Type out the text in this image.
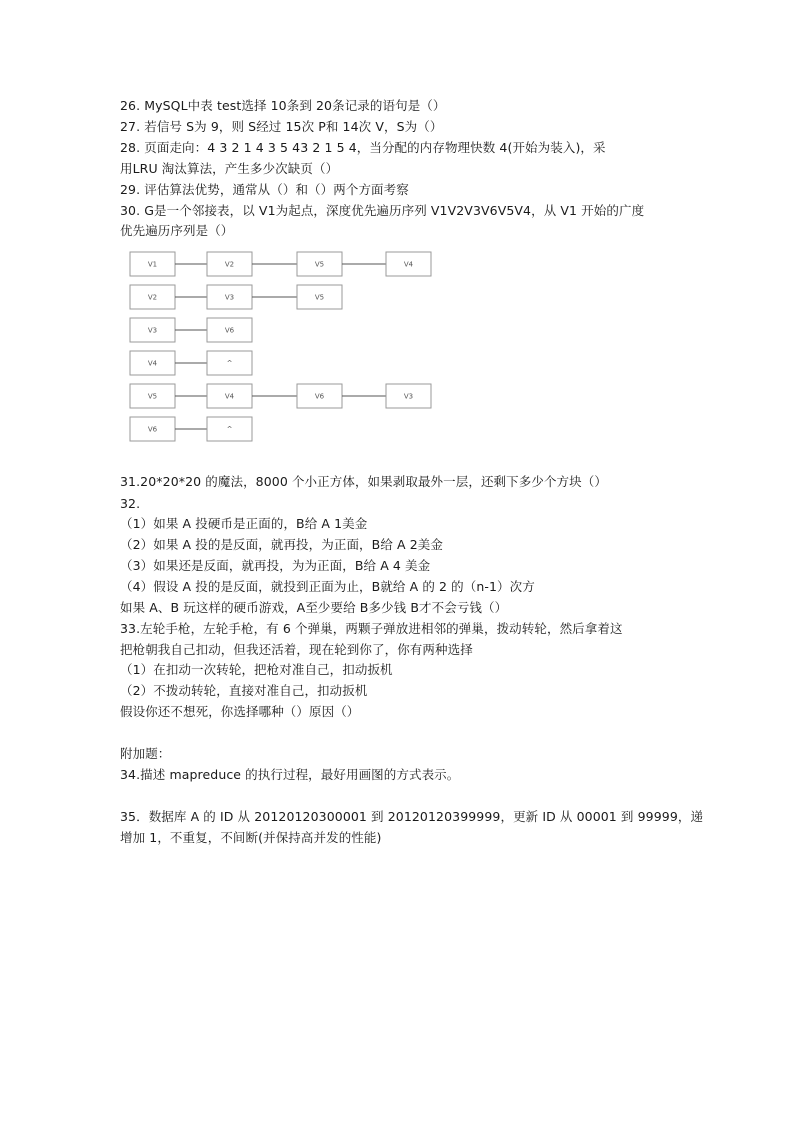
26. MySQL中表 test选择 10条到 20条记录的语句是（）
27. 若信号 S为 9，则 S经过 15次 P和 14次 V，S为（）
28. 页面走向：4 3 2 1 4 3 5 43 2 1 5 4，当分配的内存物理快数 4(开始为装入)，采
用LRU 淘汰算法，产生多少次缺页（）
29. 评估算法优势，通常从（）和（）两个方面考察
30. G是一个邻接表，以 V1为起点，深度优先遍历序列 V1V2V3V6V5V4，从 V1 开始的广度
优先遍历序列是（）
V1	V2	V5	V4
V2	V3	V5
V3	V6
V4	^
V5	V4	V6	V3
V6	^
31.20*20*20 的魔法，8000 个小正方体，如果剥取最外一层，还剩下多少个方块（）
32.
（1）如果 A 投硬币是正面的，B给 A 1美金
（2）如果 A 投的是反面，就再投，为正面，B给 A 2美金
（3）如果还是反面，就再投，为为正面，B给 A 4 美金
（4）假设 A 投的是反面，就投到正面为止，B就给 A 的 2 的（n-1）次方
如果 A、B 玩这样的硬币游戏，A至少要给 B多少钱 B才不会亏钱（）
33.左轮手枪，左轮手枪，有 6 个弹巢，两颗子弹放进相邻的弹巢，拨动转轮，然后拿着这
把枪朝我自己扣动，但我还活着，现在轮到你了，你有两种选择
（1）在扣动一次转轮，把枪对准自己，扣动扳机
（2）不拨动转轮，直接对准自己，扣动扳机
假设你还不想死，你选择哪种（）原因（）
附加题：
34.描述 mapreduce 的执行过程，最好用画图的方式表示。
35．数据库 A 的 ID 从 20120120300001 到 20120120399999，更新 ID 从 00001 到 99999，递
增加 1，不重复，不间断(并保持高并发的性能)
